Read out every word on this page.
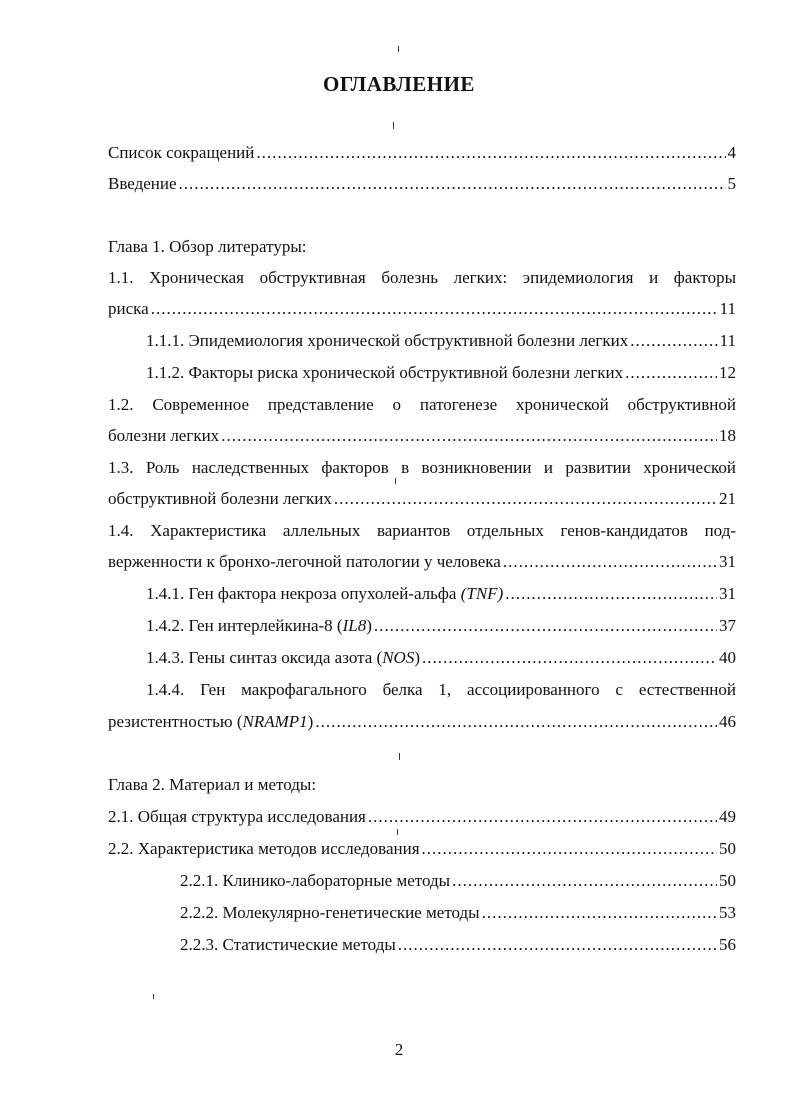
ОГЛАВЛЕНИЕ
Список сокращений .....	4
Введение .....	5
Глава 1. Обзор литературы:
1.1. Хроническая обструктивная болезнь легких: эпидемиология и факторы
риска .....	11
1.1.1. Эпидемиология хронической обструктивной болезни легких .....	11
1.1.2. Факторы риска хронической обструктивной болезни легких .....	12
1.2. Современное представление о патогенезе хронической обструктивной
болезни легких .....	18
1.3. Роль наследственных факторов в возникновении и развитии хронической
обструктивной болезни легких .....	21
1.4. Характеристика аллельных вариантов отдельных генов-кандидатов под-
верженности к бронхо-легочной патологии у человека .....	31
1.4.1. Ген фактора некроза опухолей-альфа (TNF) .....	31
1.4.2. Ген интерлейкина-8 (IL8) .....	37
1.4.3. Гены синтаз оксида азота (NOS) .....	40
1.4.4. Ген макрофагального белка 1, ассоциированного с естественной
резистентностью (NRAMP1) .....	46
Глава 2. Материал и методы:
2.1. Общая структура исследования .....	49
2.2. Характеристика методов исследования .....	50
2.2.1. Клинико-лабораторные методы .....	50
2.2.2. Молекулярно-генетические методы .....	53
2.2.3. Статистические методы .....	56
2
